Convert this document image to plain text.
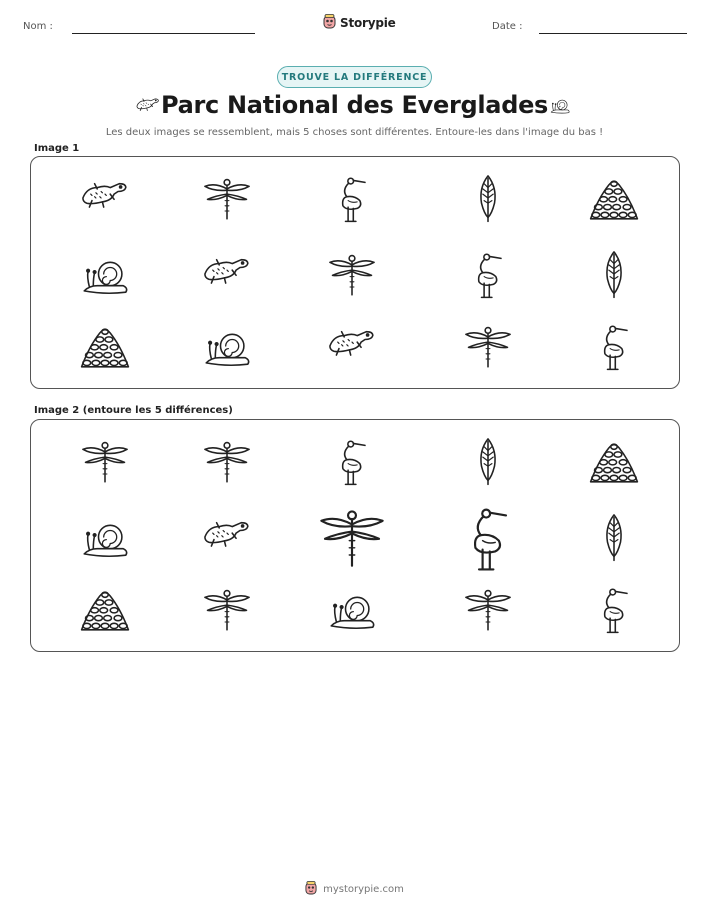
Nom :	Storypie	Date :
TROUVE LA DIFFÉRENCE
Parc National des Everglades
Les deux images se ressemblent, mais 5 choses sont différentes. Entoure-les dans l'image du bas !
Image 1
Image 2 (entoure les 5 différences)
mystorypie.com
